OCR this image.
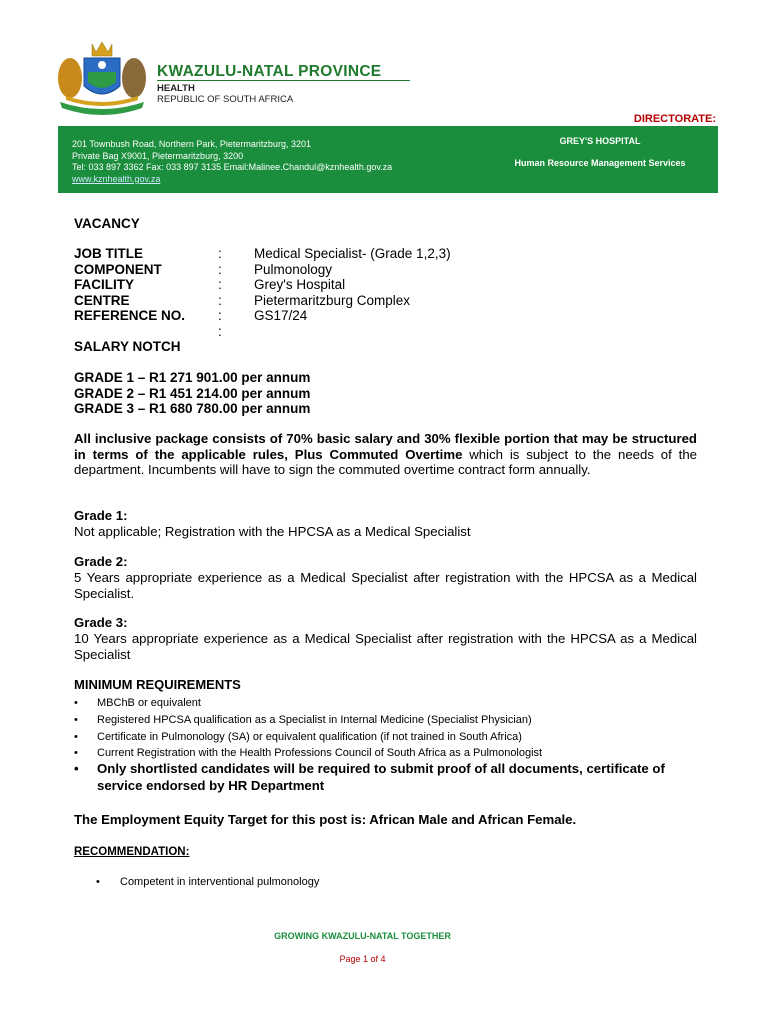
KWAZULU-NATAL PROVINCE
HEALTH
REPUBLIC OF SOUTH AFRICA
DIRECTORATE:
201 Townbush Road, Northern Park, Pietermaritzburg, 3201
Private Bag X9001, Pietermaritzburg, 3200
Tel: 033 897 3362 Fax: 033 897 3135 Email:Malinee.Chandul@kznhealth.gov.za
www.kznhealth.gov.za
GREY'S HOSPITAL
Human Resource Management Services
VACANCY
JOB TITLE
COMPONENT
FACILITY
CENTRE
REFERENCE NO.
:
:
:
:
:
:
Medical Specialist- (Grade 1,2,3)
Pulmonology
Grey's Hospital
Pietermaritzburg Complex
GS17/24
SALARY NOTCH
GRADE 1 – R1 271 901.00 per annum
GRADE 2 – R1 451 214.00 per annum
GRADE 3 – R1 680 780.00 per annum
All inclusive package consists of 70% basic salary and 30% flexible portion that may be structured in terms of the applicable rules, Plus Commuted Overtime which is subject to the needs of the department. Incumbents will have to sign the commuted overtime contract form annually.
Grade 1:
Not applicable; Registration with the HPCSA as a Medical Specialist
Grade 2:
5 Years appropriate experience as a Medical Specialist after registration with the HPCSA as a Medical Specialist.
Grade 3:
10 Years appropriate experience as a Medical Specialist after registration with the HPCSA as a Medical Specialist
MINIMUM REQUIREMENTS
• MBChB or equivalent
• Registered HPCSA qualification as a Specialist in Internal Medicine (Specialist Physician)
• Certificate in Pulmonology (SA) or equivalent qualification (if not trained in South Africa)
• Current Registration with the Health Professions Council of South Africa as a Pulmonologist
•	Only shortlisted candidates will be required to submit proof of all documents, certificate of service endorsed by HR Department
The Employment Equity Target for this post is: African Male and African Female.
RECOMMENDATION:
• Competent in interventional pulmonology
GROWING KWAZULU-NATAL TOGETHER
Page 1 of 4
